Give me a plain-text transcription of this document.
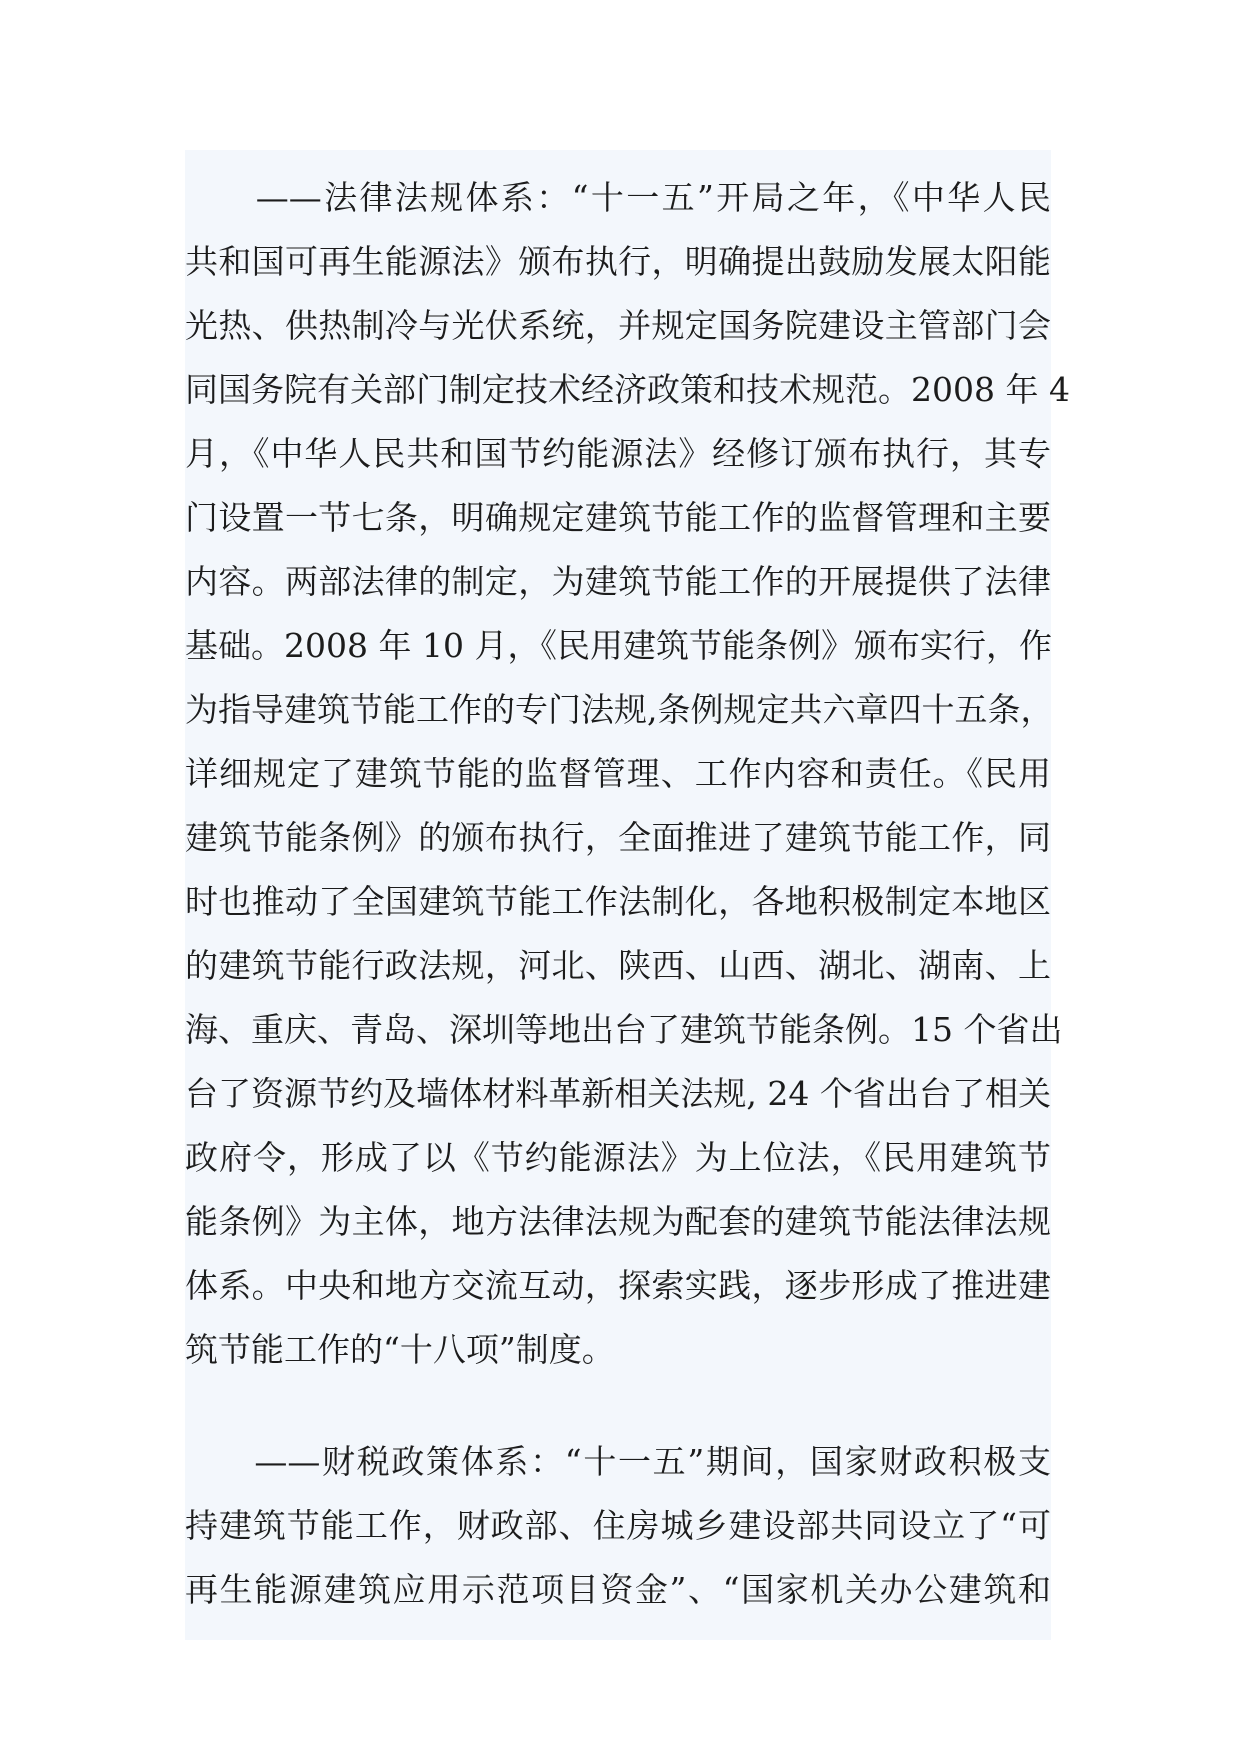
　　——法律法规体系：“十一五”开局之年，《中华人民
共和国可再生能源法》颁布执行，明确提出鼓励发展太阳能
光热、供热制冷与光伏系统，并规定国务院建设主管部门会
同国务院有关部门制定技术经济政策和技术规范。2008 年 4
月，《中华人民共和国节约能源法》经修订颁布执行，其专
门设置一节七条，明确规定建筑节能工作的监督管理和主要
内容。两部法律的制定，为建筑节能工作的开展提供了法律
基础。2008 年 10 月，《民用建筑节能条例》颁布实行，作
为指导建筑节能工作的专门法规,条例规定共六章四十五条，
详细规定了建筑节能的监督管理、工作内容和责任。《民用
建筑节能条例》的颁布执行，全面推进了建筑节能工作，同
时也推动了全国建筑节能工作法制化，各地积极制定本地区
的建筑节能行政法规，河北、陕西、山西、湖北、湖南、上
海、重庆、青岛、深圳等地出台了建筑节能条例。15 个省出
台了资源节约及墙体材料革新相关法规, 24 个省出台了相关
政府令，形成了以《节约能源法》为上位法，《民用建筑节
能条例》为主体，地方法律法规为配套的建筑节能法律法规
体系。中央和地方交流互动，探索实践，逐步形成了推进建
筑节能工作的“十八项”制度。
　　——财税政策体系：“十一五”期间，国家财政积极支
持建筑节能工作，财政部、住房城乡建设部共同设立了“可
再生能源建筑应用示范项目资金”、“国家机关办公建筑和
